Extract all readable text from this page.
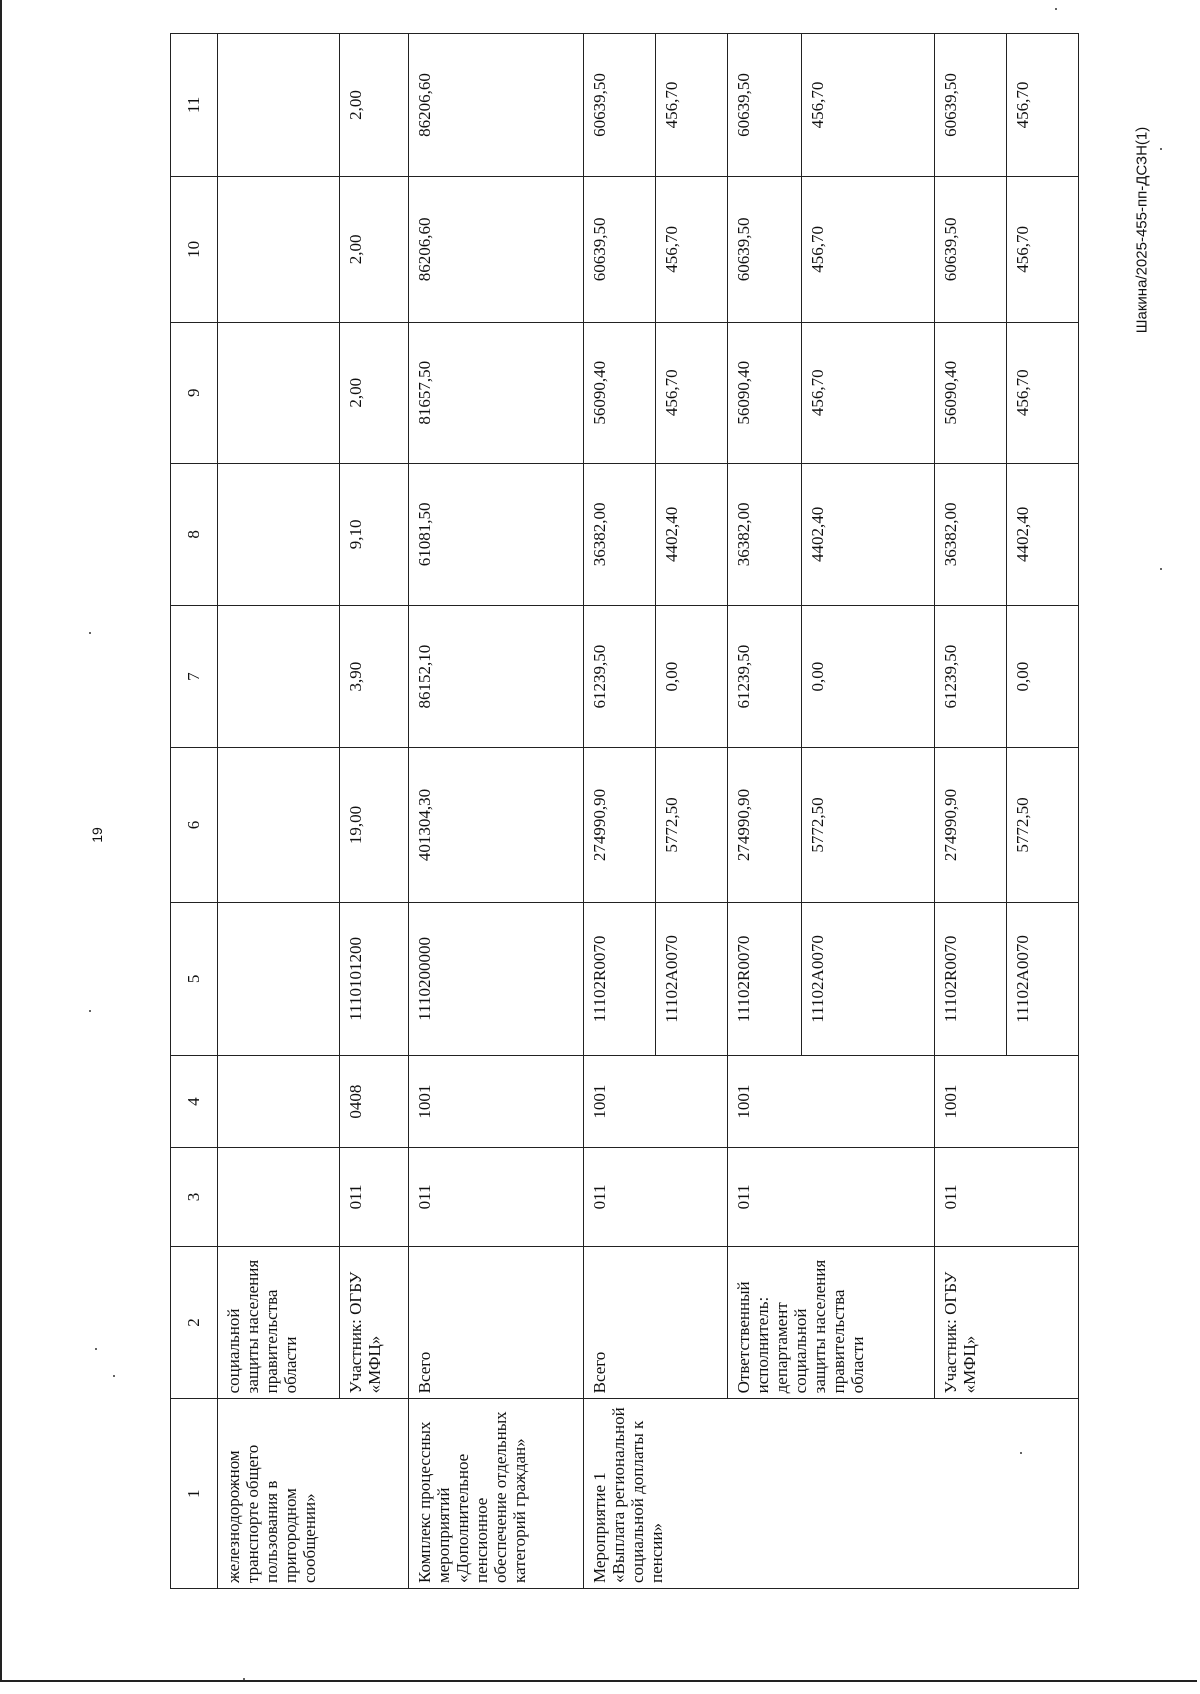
19
Шакина/2025-455-пп-ДСЗН(1)
1	2	3	4	5	6	7	8	9	10	11
железнодорожном транспорте общего пользования в пригородном сообщении»	социальной защиты населения правительства области									
	Участник: ОГБУ «МФЦ»	011	0408	1110101200	19,00	3,90	9,10	2,00	2,00	2,00
Комплекс процессных мероприятий «Дополнительное пенсионное обеспечение отдельных категорий граждан»	Всего	011	1001	1110200000	401304,30	86152,10	61081,50	81657,50	86206,60	86206,60
Мероприятие 1 «Выплата региональной социальной доплаты к пенсии»	Всего	011	1001	11102R0070	274990,90	61239,50	36382,00	56090,40	60639,50	60639,50
				11102A0070	5772,50	0,00	4402,40	456,70	456,70	456,70
	Ответственный исполнитель: департамент социальной защиты населения правительства области	011	1001	11102R0070	274990,90	61239,50	36382,00	56090,40	60639,50	60639,50
				11102A0070	5772,50	0,00	4402,40	456,70	456,70	456,70
	Участник: ОГБУ «МФЦ»	011	1001	11102R0070	274990,90	61239,50	36382,00	56090,40	60639,50	60639,50
				11102A0070	5772,50	0,00	4402,40	456,70	456,70	456,70
